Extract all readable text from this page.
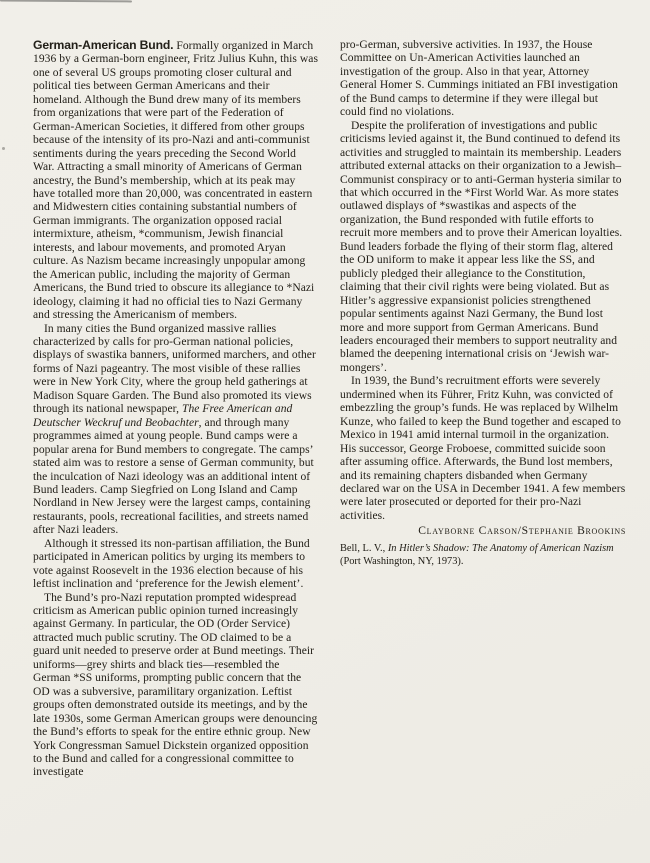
German-American Bund. Formally organized in March 1936 by a German-born engineer, Fritz Julius Kuhn, this was one of several US groups promoting closer cultural and political ties between German Americans and their homeland. Although the Bund drew many of its members from organizations that were part of the Federation of German-American Societies, it differed from other groups because of the intensity of its pro-Nazi and anti-communist sentiments during the years preceding the Second World War. Attracting a small minority of Americans of German ancestry, the Bund’s membership, which at its peak may have totalled more than 20,000, was concentrated in eastern and Midwestern cities containing substantial numbers of German immigrants. The organization opposed racial intermixture, atheism, *communism, Jewish financial interests, and labour movements, and promoted Aryan culture. As Nazism became increasingly unpopular among the American public, including the majority of German Americans, the Bund tried to obscure its allegiance to *Nazi ideology, claiming it had no official ties to Nazi Germany and stressing the Americanism of members.

In many cities the Bund organized massive rallies characterized by calls for pro-German national policies, displays of swastika banners, uniformed marchers, and other forms of Nazi pageantry. The most visible of these rallies were in New York City, where the group held gatherings at Madison Square Garden. The Bund also promoted its views through its national newspaper, The Free American and Deutscher Weckruf und Beobachter, and through many programmes aimed at young people. Bund camps were a popular arena for Bund members to congregate. The camps’ stated aim was to restore a sense of German community, but the inculcation of Nazi ideology was an additional intent of Bund leaders. Camp Siegfried on Long Island and Camp Nordland in New Jersey were the largest camps, containing restaurants, pools, recreational facilities, and streets named after Nazi leaders.

Although it stressed its non-partisan affiliation, the Bund participated in American politics by urging its members to vote against Roosevelt in the 1936 election because of his leftist inclination and ‘preference for the Jewish element’.

The Bund’s pro-Nazi reputation prompted widespread criticism as American public opinion turned increasingly against Germany. In particular, the OD (Order Service) attracted much public scrutiny. The OD claimed to be a guard unit needed to preserve order at Bund meetings. Their uniforms—grey shirts and black ties—resembled the German *SS uniforms, prompting public concern that the OD was a subversive, paramilitary organization. Leftist groups often demonstrated outside its meetings, and by the late 1930s, some German American groups were denouncing the Bund’s efforts to speak for the entire ethnic group. New York Congressman Samuel Dickstein organized opposition to the Bund and called for a congressional committee to investigate

pro-German, subversive activities. In 1937, the House Committee on Un-American Activities launched an investigation of the group. Also in that year, Attorney General Homer S. Cummings initiated an FBI investigation of the Bund camps to determine if they were illegal but could find no violations.

Despite the proliferation of investigations and public criticisms levied against it, the Bund continued to defend its activities and struggled to maintain its membership. Leaders attributed external attacks on their organization to a Jewish–Communist conspiracy or to anti-German hysteria similar to that which occurred in the *First World War. As more states outlawed displays of *swastikas and aspects of the organization, the Bund responded with futile efforts to recruit more members and to prove their American loyalties. Bund leaders forbade the flying of their storm flag, altered the OD uniform to make it appear less like the SS, and publicly pledged their allegiance to the Constitution, claiming that their civil rights were being violated. But as Hitler’s aggressive expansionist policies strengthened popular sentiments against Nazi Germany, the Bund lost more and more support from German Americans. Bund leaders encouraged their members to support neutrality and blamed the deepening international crisis on ‘Jewish war-mongers’.

In 1939, the Bund’s recruitment efforts were severely undermined when its Führer, Fritz Kuhn, was convicted of embezzling the group’s funds. He was replaced by Wilhelm Kunze, who failed to keep the Bund together and escaped to Mexico in 1941 amid internal turmoil in the organization. His successor, George Froboese, committed suicide soon after assuming office. Afterwards, the Bund lost members, and its remaining chapters disbanded when Germany declared war on the USA in December 1941. A few members were later prosecuted or deported for their pro-Nazi activities.

Clayborne Carson/Stephanie Brookins

Bell, L. V., In Hitler’s Shadow: The Anatomy of American Nazism (Port Washington, NY, 1973).
